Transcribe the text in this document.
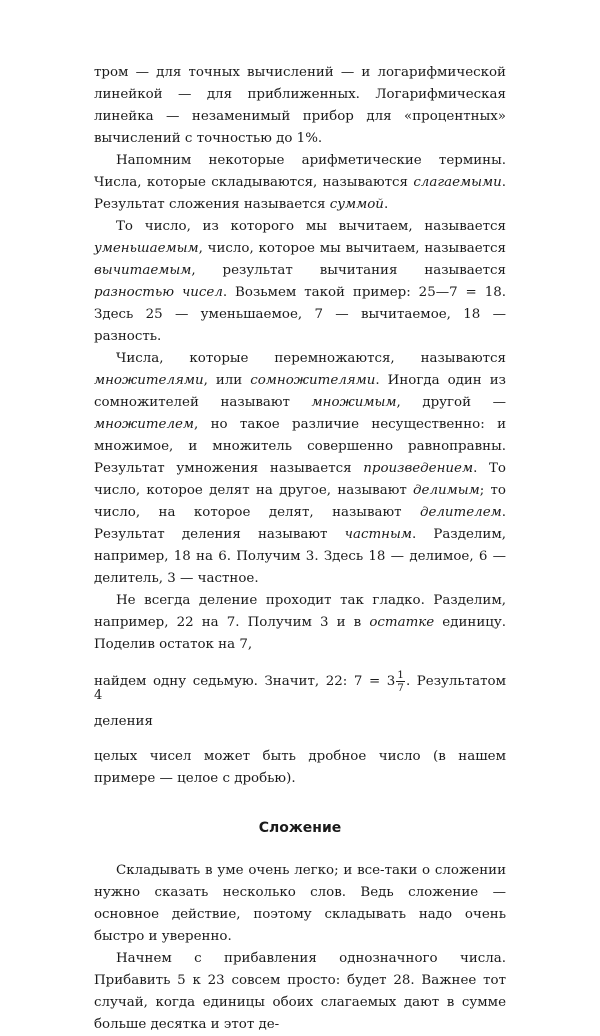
тром — для точных вычислений — и логарифмической линейкой — для приближенных. Логарифмическая линейка — незаменимый прибор для «процентных» вычислений с точностью до 1%.

Напомним некоторые арифметические термины. Числа, которые складываются, называются слагаемыми. Результат сложения называется суммой.

То число, из которого мы вычитаем, называется уменьшаемым, число, которое мы вычитаем, называется вычитаемым, результат вычитания называется разностью чисел. Возьмем такой пример: 25—7 = 18. Здесь 25 — уменьшаемое, 7 — вычитаемое, 18 — разность.

Числа, которые перемножаются, называются множителями, или сомножителями. Иногда один из сомножителей называют множимым, другой — множителем, но такое различие несущественно: и множимое, и множитель совершенно равноправны. Результат умножения называется произведением. То число, которое делят на другое, называют делимым; то число, на которое делят, называют делителем. Результат деления называют частным. Разделим, например, 18 на 6. Получим 3. Здесь 18 — делимое, 6 — делитель, 3 — частное.

Не всегда деление проходит так гладко. Разделим, например, 22 на 7. Получим 3 и в остатке единицу. Поделив остаток на 7,

найдем одну седьмую. Значит, 22: $7 = 3 \frac{1}{7}$ . Результатом деления

целых чисел может быть дробное число (в нашем примере — целое с дробью).

Сложение

Складывать в уме очень легко; и все-таки о сложении нужно сказать несколько слов. Ведь сложение — основное действие, поэтому складывать надо очень быстро и уверенно.

Начнем с прибавления однозначного числа. Прибавить 5 к 23 совсем просто: будет 28. Важнее тот случай, когда единицы обоих слагаемых дают в сумме больше десятка и этот де-

4
